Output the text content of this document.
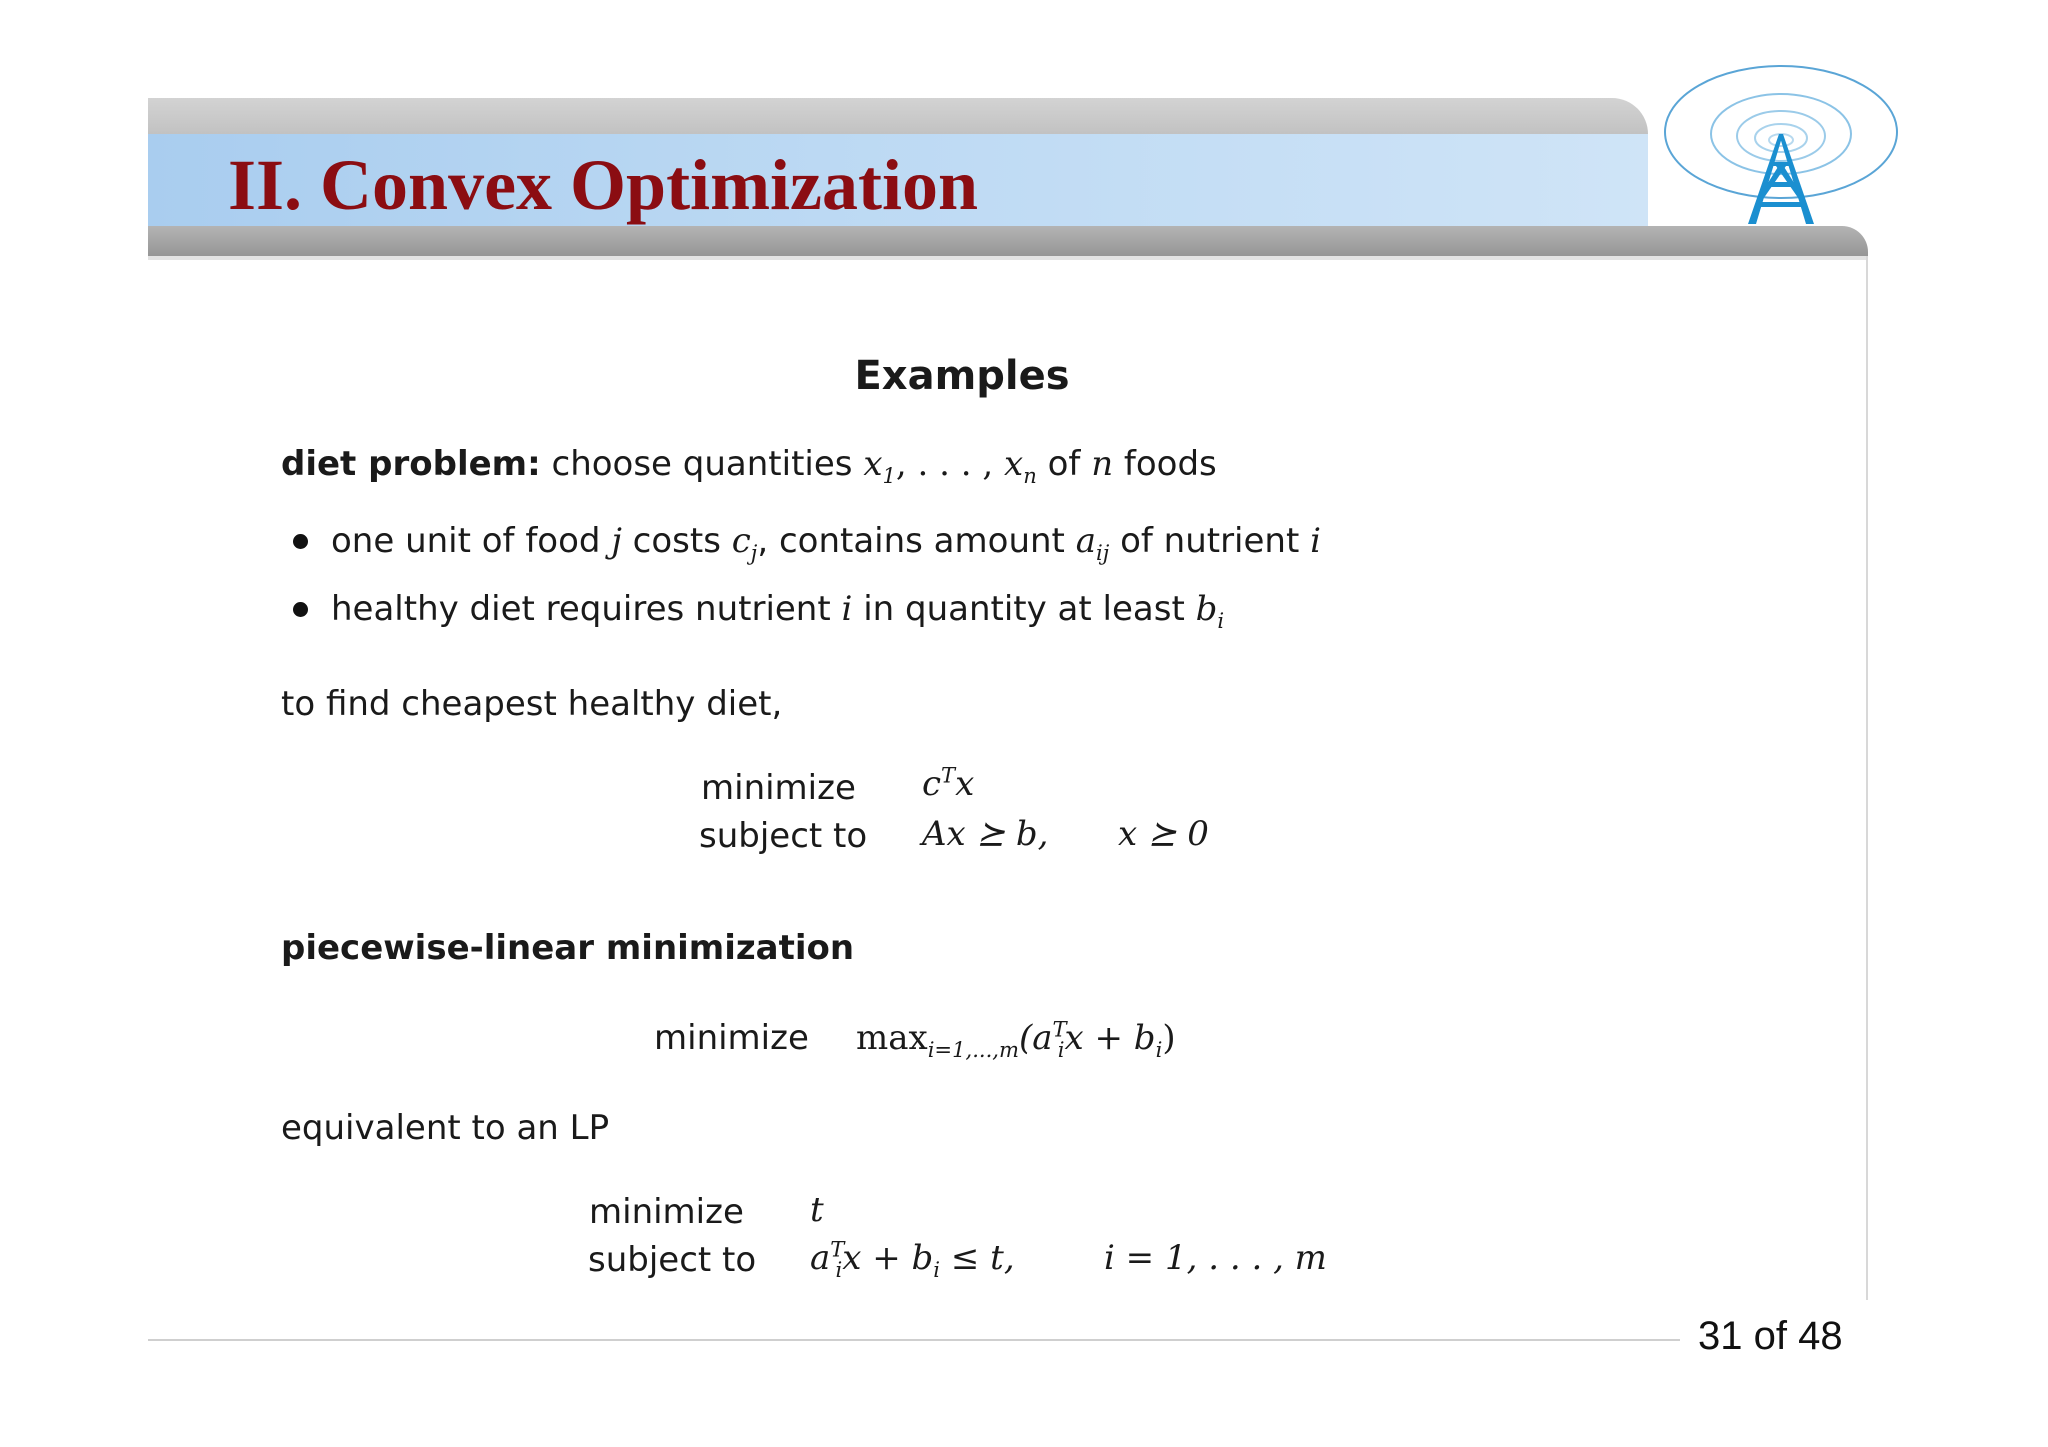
II. Convex Optimization
Examples
diet problem: choose quantities $x_1$, . . . , $x_n$ of n foods
one unit of food j costs $c_j$, contains amount $a_{ij}$ of nutrient i
healthy diet requires nutrient i in quantity at least $b_i$
to find cheapest healthy diet,
minimize $c^Tx$
subject to Ax ⪰ b, x ⪰ 0
piecewise-linear minimization
minimize $\max_{i=1,...,m}(a^T_ix + b_i)$
equivalent to an LP
minimize t
subject to $a^T_ix + b_i \le t$,	i = 1, . . . , m
31 of 48
